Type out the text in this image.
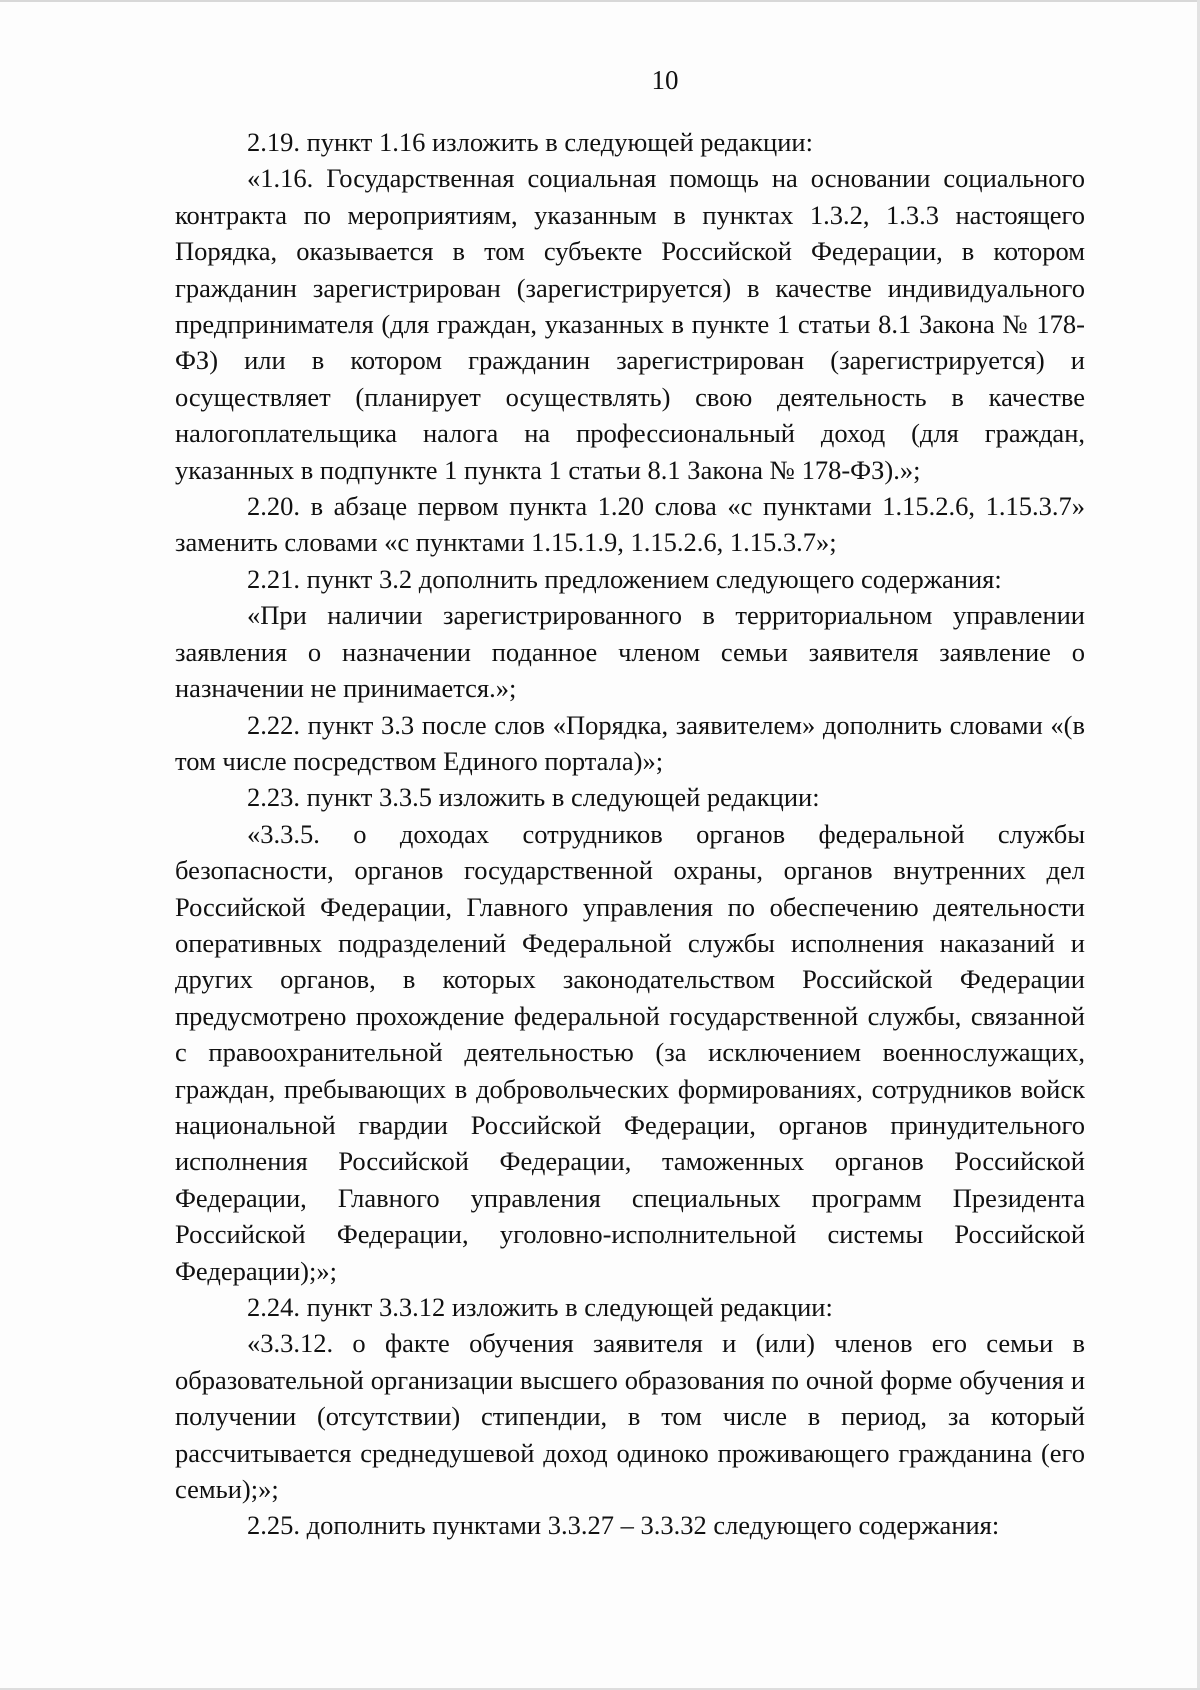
10

2.19. пункт 1.16 изложить в следующей редакции:

«1.16. Государственная социальная помощь на основании социального контракта по мероприятиям, указанным в пунктах 1.3.2, 1.3.3 настоящего Порядка, оказывается в том субъекте Российской Федерации, в котором гражданин зарегистрирован (зарегистрируется) в качестве индивидуального предпринимателя (для граждан, указанных в пункте 1 статьи 8.1 Закона № 178-ФЗ) или в котором гражданин зарегистрирован (зарегистрируется) и осуществляет (планирует осуществлять) свою деятельность в качестве налогоплательщика налога на профессиональный доход (для граждан, указанных в подпункте 1 пункта 1 статьи 8.1 Закона № 178-ФЗ).»;

2.20. в абзаце первом пункта 1.20 слова «с пунктами 1.15.2.6, 1.15.3.7» заменить словами «с пунктами 1.15.1.9, 1.15.2.6, 1.15.3.7»;

2.21. пункт 3.2 дополнить предложением следующего содержания:

«При наличии зарегистрированного в территориальном управлении заявления о назначении поданное членом семьи заявителя заявление о назначении не принимается.»;

2.22. пункт 3.3 после слов «Порядка, заявителем» дополнить словами «(в том числе посредством Единого портала)»;

2.23. пункт 3.3.5 изложить в следующей редакции:

«3.3.5. о доходах сотрудников органов федеральной службы безопасности, органов государственной охраны, органов внутренних дел Российской Федерации, Главного управления по обеспечению деятельности оперативных подразделений Федеральной службы исполнения наказаний и других органов, в которых законодательством Российской Федерации предусмотрено прохождение федеральной государственной службы, связанной с правоохранительной деятельностью (за исключением военнослужащих, граждан, пребывающих в добровольческих формированиях, сотрудников войск национальной гвардии Российской Федерации, органов принудительного исполнения Российской Федерации, таможенных органов Российской Федерации, Главного управления специальных программ Президента Российской Федерации, уголовно-исполнительной системы Российской Федерации);»;

2.24. пункт 3.3.12 изложить в следующей редакции:

«3.3.12. о факте обучения заявителя и (или) членов его семьи в образовательной организации высшего образования по очной форме обучения и получении (отсутствии) стипендии, в том числе в период, за который рассчитывается среднедушевой доход одиноко проживающего гражданина (его семьи);»;

2.25. дополнить пунктами 3.3.27 – 3.3.32 следующего содержания:
